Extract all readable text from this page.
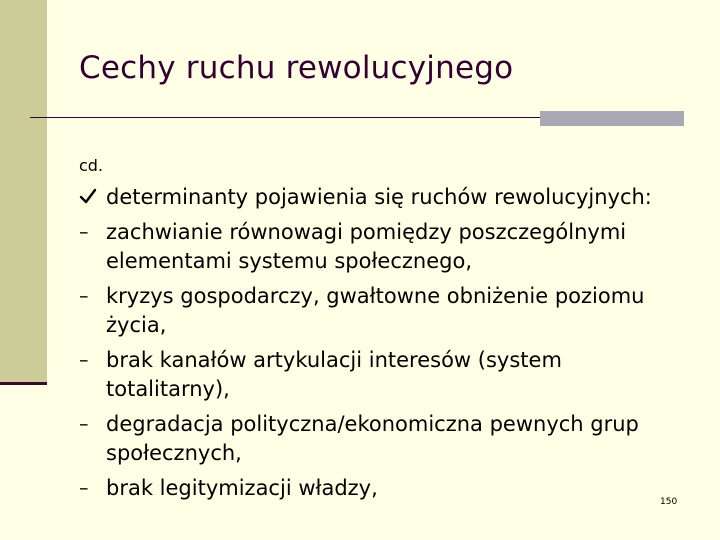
Cechy ruchu rewolucyjnego
cd.
determinanty pojawienia się ruchów rewolucyjnych:
– zachwianie równowagi pomiędzy poszczególnymi elementami systemu społecznego,
– kryzys gospodarczy, gwałtowne obniżenie poziomu życia,
– brak kanałów artykulacji interesów (system totalitarny),
– degradacja polityczna/ekonomiczna pewnych grup społecznych,
– brak legitymizacji władzy,
150
